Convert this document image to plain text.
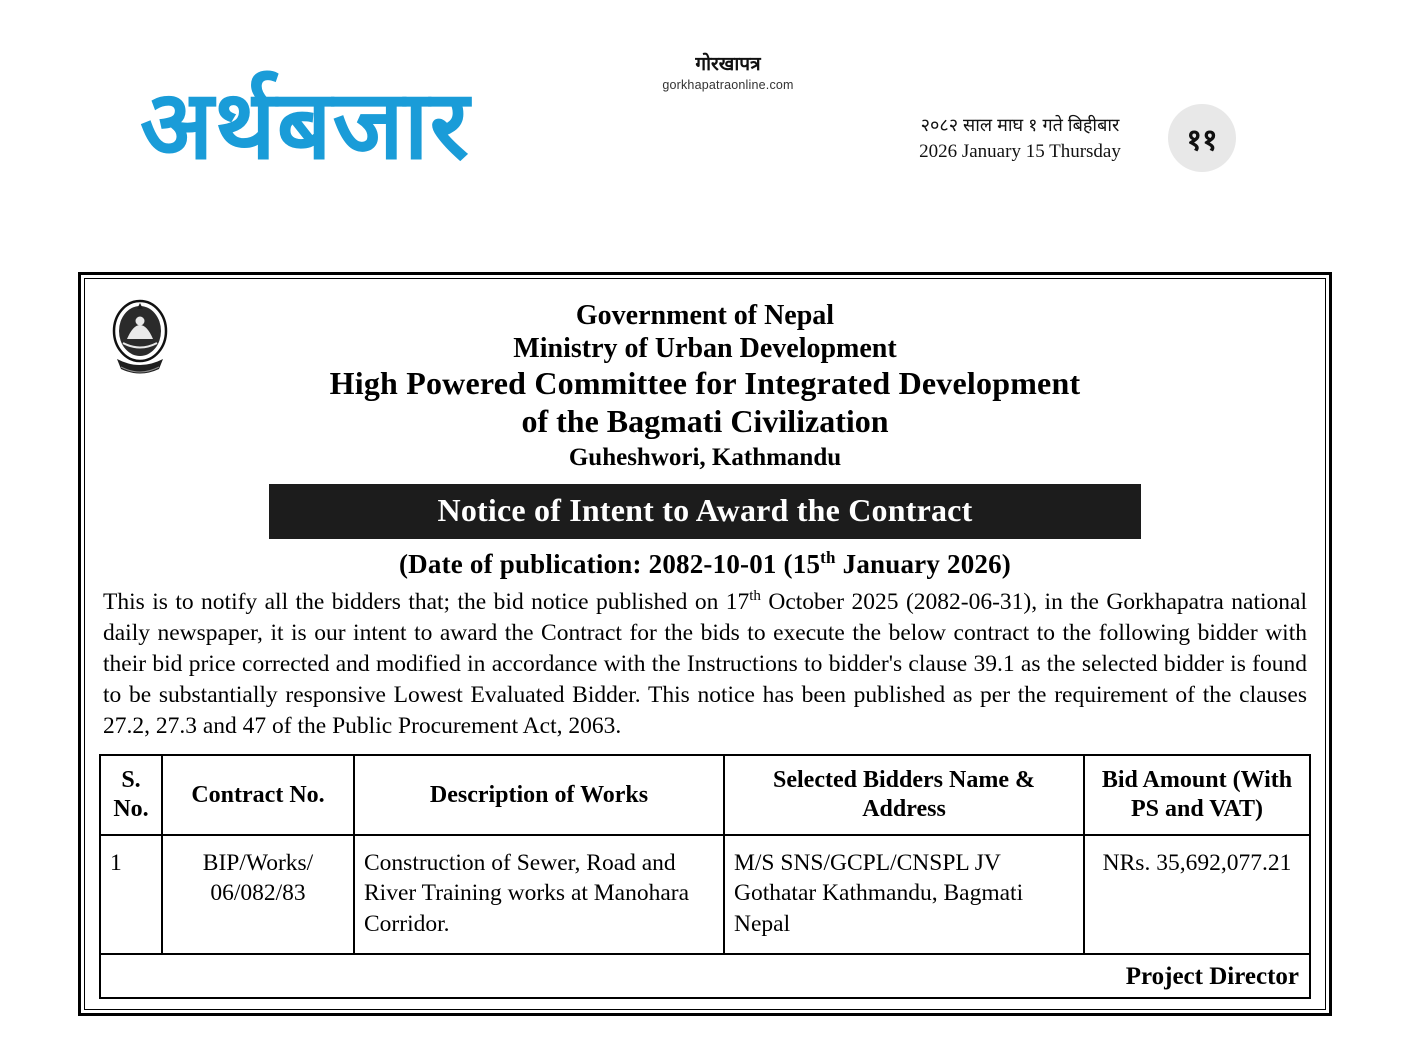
अर्थबजार
गोरखापत्र
gorkhapatraonline.com
२०८२ साल माघ १ गते बिहीबार
2026 January 15 Thursday	११
Government of Nepal
Ministry of Urban Development
High Powered Committee for Integrated Development
of the Bagmati Civilization
Guheshwori, Kathmandu
Notice of Intent to Award the Contract
(Date of publication: 2082-10-01 (15th January 2026)
This is to notify all the bidders that; the bid notice published on 17th October 2025 (2082-06-31), in the Gorkhapatra national daily newspaper, it is our intent to award the Contract for the bids to execute the below contract to the following bidder with their bid price corrected and modified in accordance with the Instructions to bidder's clause 39.1 as the selected bidder is found to be substantially responsive Lowest Evaluated Bidder. This notice has been published as per the requirement of the clauses 27.2, 27.3 and 47 of the Public Procurement Act, 2063.
S. No.	Contract No.	Description of Works	Selected Bidders Name & Address	Bid Amount (With PS and VAT)
1	BIP/Works/ 06/082/83	Construction of Sewer, Road and River Training works at Manohara Corridor.	M/S SNS/GCPL/CNSPL JV Gothatar Kathmandu, Bagmati Nepal	NRs. 35,692,077.21
Project Director
